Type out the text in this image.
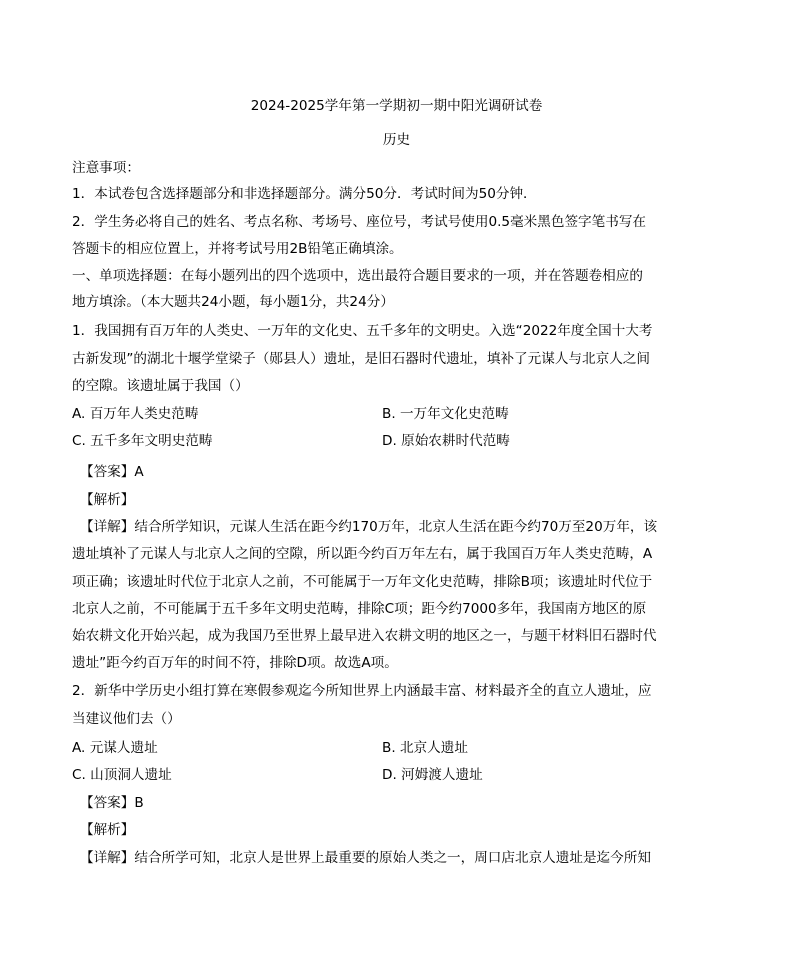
2024-2025学年第一学期初一期中阳光调研试卷
历史
注意事项：
1．本试卷包含选择题部分和非选择题部分。满分50分．考试时间为50分钟．
2．学生务必将自己的姓名、考点名称、考场号、座位号，考试号使用0.5毫米黑色签字笔书写在
答题卡的相应位置上，并将考试号用2B铅笔正确填涂。
一、单项选择题：在每小题列出的四个选项中，选出最符合题目要求的一项，并在答题卷相应的
地方填涂。（本大题共24小题，每小题1分，共24分）
1．我国拥有百万年的人类史、一万年的文化史、五千多年的文明史。入选“2022年度全国十大考
古新发现”的湖北十堰学堂梁子（郧县人）遗址，是旧石器时代遗址，填补了元谋人与北京人之间
的空隙。该遗址属于我国（）
A. 百万年人类史范畴	B. 一万年文化史范畴
C. 五千多年文明史范畴	D. 原始农耕时代范畴
【答案】A
【解析】
【详解】结合所学知识，元谋人生活在距今约170万年，北京人生活在距今约70万至20万年，该
遗址填补了元谋人与北京人之间的空隙，所以距今约百万年左右，属于我国百万年人类史范畴，A
项正确；该遗址时代位于北京人之前，不可能属于一万年文化史范畴，排除B项；该遗址时代位于
北京人之前，不可能属于五千多年文明史范畴，排除C项；距今约7000多年，我国南方地区的原
始农耕文化开始兴起，成为我国乃至世界上最早进入农耕文明的地区之一，与题干材料旧石器时代
遗址”距今约百万年的时间不符，排除D项。故选A项。
2．新华中学历史小组打算在寒假参观迄今所知世界上内涵最丰富、材料最齐全的直立人遗址，应
当建议他们去（）
A. 元谋人遗址	B. 北京人遗址
C. 山顶洞人遗址	D. 河姆渡人遗址
【答案】B
【解析】
【详解】结合所学可知，北京人是世界上最重要的原始人类之一，周口店北京人遗址是迄今所知
